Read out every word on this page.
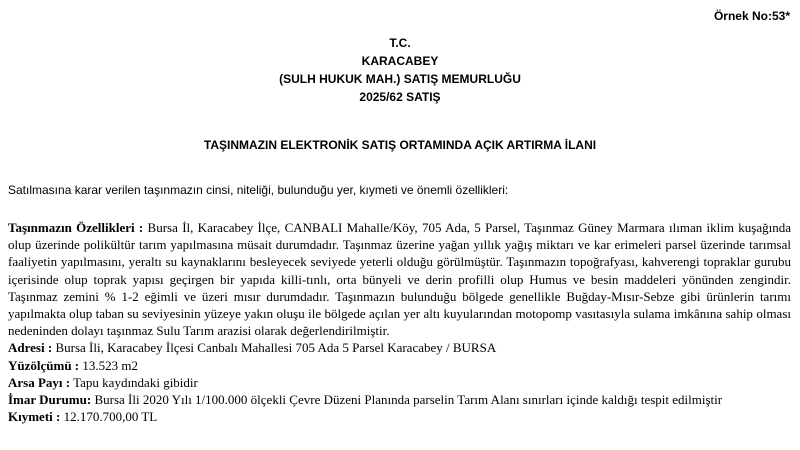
Örnek No:53*
T.C.
KARACABEY
(SULH HUKUK MAH.) SATIŞ MEMURLUĞU
2025/62 SATIŞ
TAŞINMAZIN ELEKTRONİK SATIŞ ORTAMINDA AÇIK ARTIRMA İLANI
Satılmasına karar verilen taşınmazın cinsi, niteliği, bulunduğu yer, kıymeti ve önemli özellikleri:

Taşınmazın Özellikleri : Bursa İl, Karacabey İlçe, CANBALI Mahalle/Köy, 705 Ada, 5 Parsel, Taşınmaz Güney Marmara ılıman iklim kuşağında olup üzerinde polikültür tarım yapılmasına müsait durumdadır. Taşınmaz üzerine yağan yıllık yağış miktarı ve kar erimeleri parsel üzerinde tarımsal faaliyetin yapılmasını, yeraltı su kaynaklarını besleyecek seviyede yeterli olduğu görülmüştür. Taşınmazın topoğrafyası, kahverengi topraklar gurubu içerisinde olup toprak yapısı geçirgen bir yapıda killi-tınlı, orta bünyeli ve derin profilli olup Humus ve besin maddeleri yönünden zengindir. Taşınmaz zemini % 1-2 eğimli ve üzeri mısır durumdadır. Taşınmazın bulunduğu bölgede genellikle Buğday-Mısır-Sebze gibi ürünlerin tarımı yapılmakta olup taban su seviyesinin yüzeye yakın oluşu ile bölgede açılan yer altı kuyularından motopomp vasıtasıyla sulama imkânına sahip olması nedeninden dolayı taşınmaz Sulu Tarım arazisi olarak değerlendirilmiştir.

Adresi : Bursa İli, Karacabey İlçesi Canbalı Mahallesi 705 Ada 5 Parsel Karacabey / BURSA

Yüzölçümü : 13.523 m2

Arsa Payı : Tapu kaydındaki gibidir

İmar Durumu: Bursa İli 2020 Yılı 1/100.000 ölçekli Çevre Düzeni Planında parselin Tarım Alanı sınırları içinde kaldığı tespit edilmiştir

Kıymeti : 12.170.700,00 TL
